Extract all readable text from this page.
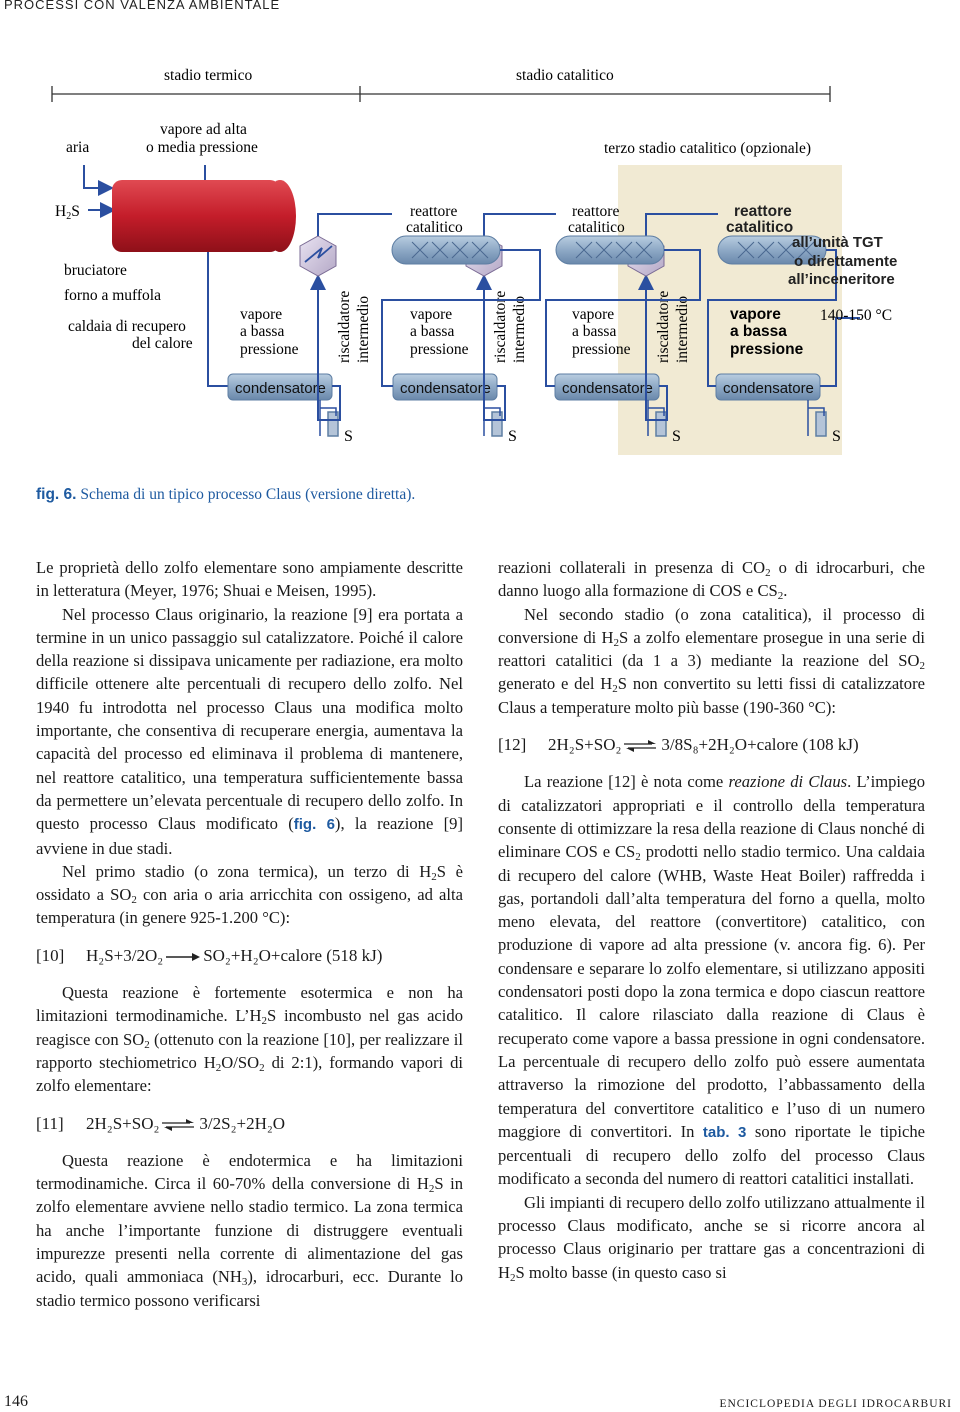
PROCESSI CON VALENZA AMBIENTALE
stadio termico	stadio catalitico
aria
vapore ad alta
o media pressione	terzo stadio catalitico (opzionale)
H2S
bruciatore
forno a muffola
caldaia di recupero
del calore
vapore
a bassa
pressione
condensatore	condensatore	condensatore	condensatore
S	S	S	S
riscaldatore intermedio	riscaldatore intermedio	riscaldatore intermedio
reattore
catalitico
reattore
catalitico
reattore
catalitico
vapore
a bassa
pressione
vapore
a bassa
pressione
vapore
a bassa
pressione
all’unità TGT
o direttamente
all’inceneritore
140-150 °C
fig. 6. Schema di un tipico processo Claus (versione diretta).

Le proprietà dello zolfo elementare sono ampiamente descritte in letteratura (Meyer, 1976; Shuai e Meisen, 1995).

Nel processo Claus originario, la reazione [9] era portata a termine in un unico passaggio sul catalizzatore. Poiché il calore della reazione si dissipava unicamente per radiazione, era molto difficile ottenere alte percentuali di recupero dello zolfo. Nel 1940 fu introdotta nel processo Claus una modifica molto importante, che consentiva di recuperare energia, aumentava la capacità del processo ed eliminava il problema di mantenere, nel reattore catalitico, una temperatura sufficientemente bassa da permettere un’elevata percentuale di recupero dello zolfo. In questo processo Claus modificato (fig. 6), la reazione [9] avviene in due stadi.

Nel primo stadio (o zona termica), un terzo di $H_2S$ è ossidato a $SO_2$ con aria o aria arricchita con ossigeno, ad alta temperatura (in genere 925-1.200 °C):

[10] H₂S+3/2O₂ → SO₂+H₂O+calore (518 kJ)

Questa reazione è fortemente esotermica e non ha limitazioni termodinamiche. $L’H_2S$ incombusto nel gas acido reagisce con $SO_2$ (ottenuto con la reazione [10], per realizzare il rapporto stechiometrico $H_2O/SO_2$ di 2:1), formando vapori di zolfo elementare:

[11] 2H₂S+SO₂ ⇌ 3/2S₂+2H₂O

Questa reazione è endotermica e ha limitazioni termodinamiche. Circa il 60-70% della conversione di $H_2S$ in zolfo elementare avviene nello stadio termico. La zona termica ha anche l’importante funzione di distruggere eventuali impurezze presenti nella corrente di alimentazione del gas acido, quali ammoniaca $(NH_3)$, idrocarburi, ecc. Durante lo stadio termico possono verificarsi

reazioni collaterali in presenza di $CO_2$ o di idrocarburi, che danno luogo alla formazione di COS e $CS_2$.

Nel secondo stadio (o zona catalitica), il processo di conversione di $H_2S$ a zolfo elementare prosegue in una serie di reattori catalitici (da 1 a 3) mediante la reazione del $SO_2$ generato e del $H_2S$ non convertito su letti fissi di catalizzatore Claus a temperature molto più basse (190-360 °C):

[12] 2H₂S+SO₂ ⇌ 3/8S₈+2H₂O+calore (108 kJ)

La reazione [12] è nota come reazione di Claus. L’impiego di catalizzatori appropriati e il controllo della temperatura consente di ottimizzare la resa della reazione di Claus nonché di eliminare COS e $CS_2$ prodotti nello stadio termico. Una caldaia di recupero del calore (WHB, Waste Heat Boiler) raffredda i gas, portandoli dall’alta temperatura del forno a quella, molto meno elevata, del reattore (convertitore) catalitico, con produzione di vapore ad alta pressione (v. ancora fig. 6). Per condensare e separare lo zolfo elementare, si utilizzano appositi condensatori posti dopo la zona termica e dopo ciascun reattore catalitico. Il calore rilasciato dalla reazione di Claus è recuperato come vapore a bassa pressione in ogni condensatore. La percentuale di recupero dello zolfo può essere aumentata attraverso la rimozione del prodotto, l’abbassamento della temperatura del convertitore catalitico e l’uso di un numero maggiore di convertitori. In tab. 3 sono riportate le tipiche percentuali di recupero dello zolfo del processo Claus modificato a seconda del numero di reattori catalitici installati.

Gli impianti di recupero dello zolfo utilizzano attualmente il processo Claus modificato, anche se si ricorre ancora al processo Claus originario per trattare gas a concentrazioni di $H_2S$ molto basse (in questo caso si

146	ENCICLOPEDIA DEGLI IDROCARBURI
